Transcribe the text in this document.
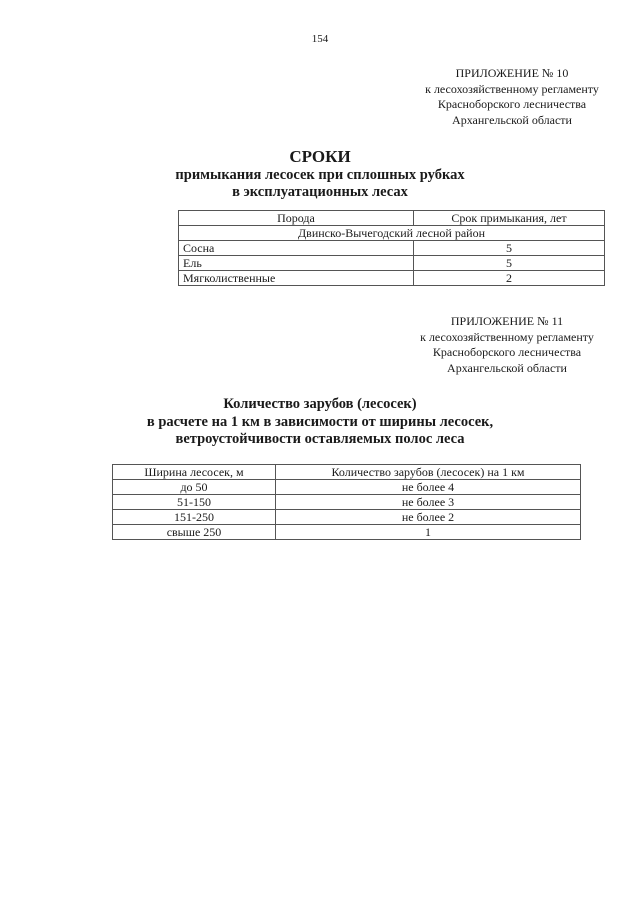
154
ПРИЛОЖЕНИЕ № 10
к лесохозяйственному регламенту
Красноборского лесничества
Архангельской области
СРОКИ
примыкания лесосек при сплошных рубках
в эксплуатационных лесах
Порода	Срок примыкания, лет
Двинско-Вычегодский лесной район	
Сосна	5
Ель	5
Мягколиственные	2
ПРИЛОЖЕНИЕ № 11
к лесохозяйственному регламенту
Красноборского лесничества
Архангельской области
Количество зарубов (лесосек)
в расчете на 1 км в зависимости от ширины лесосек,
ветроустойчивости оставляемых полос леса
Ширина лесосек, м	Количество зарубов (лесосек) на 1 км
до 50	не более 4
51-150	не более 3
151-250	не более 2
свыше 250	1
